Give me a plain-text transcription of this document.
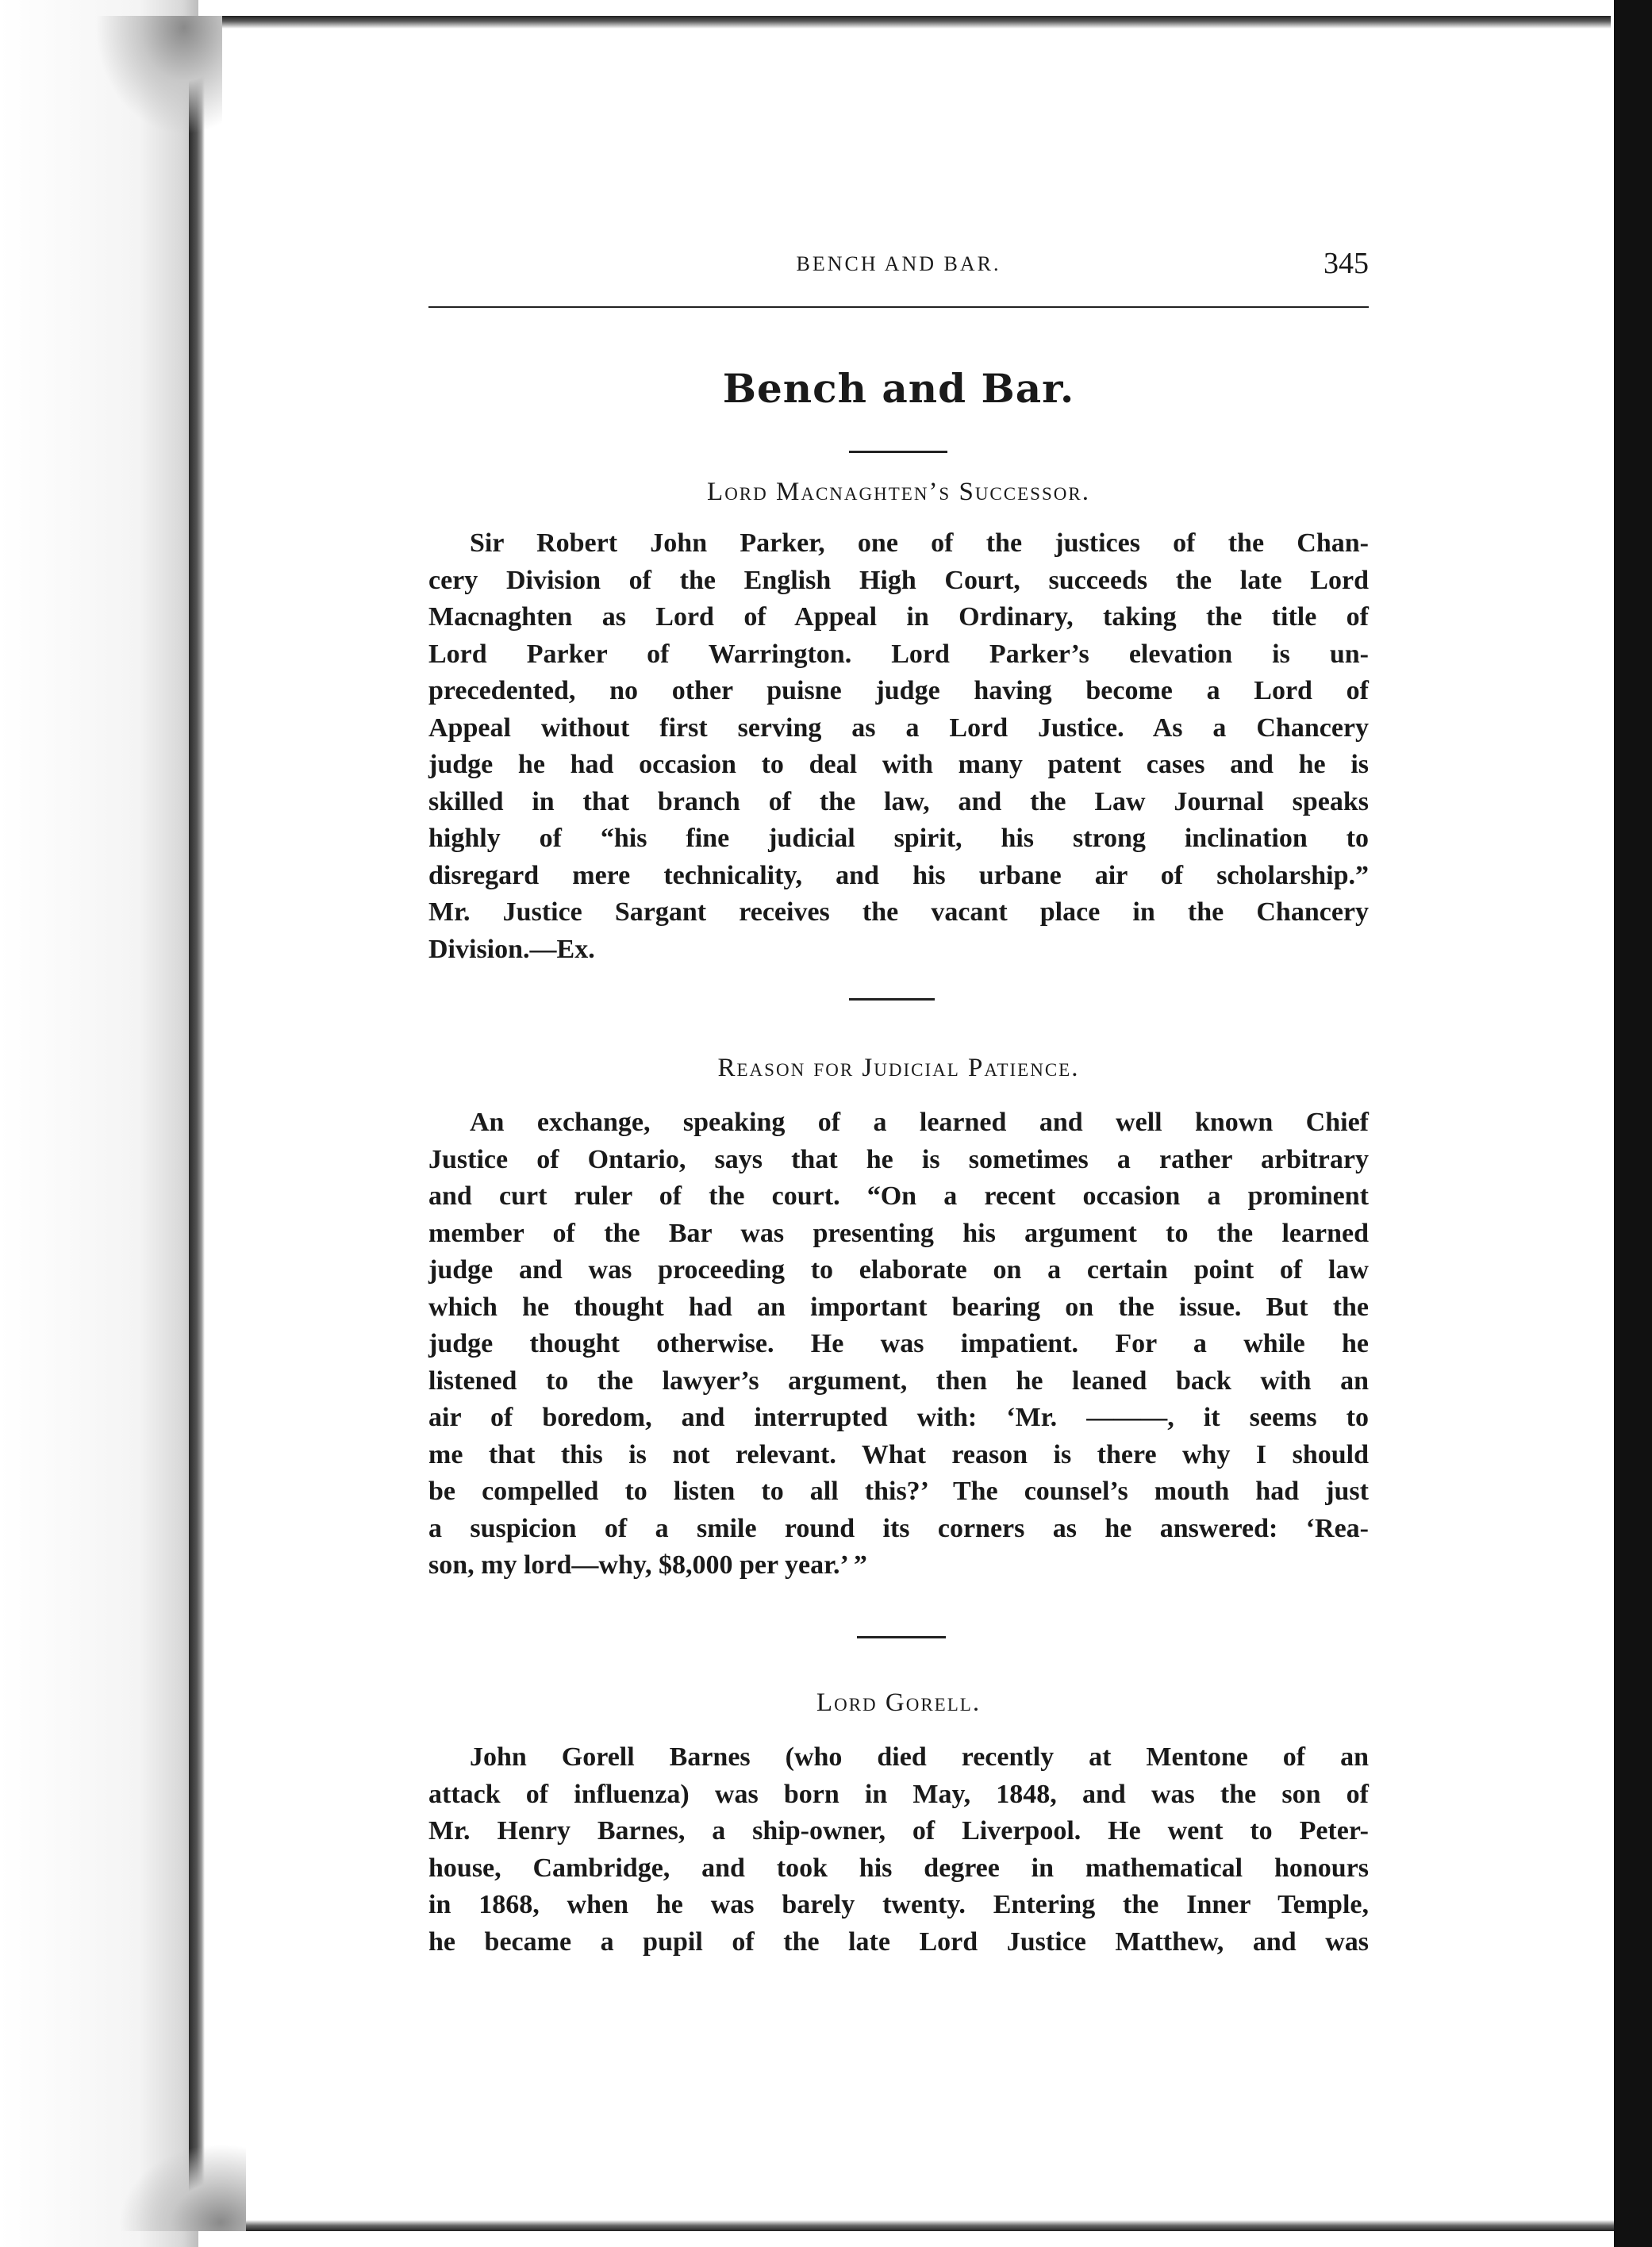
BENCH AND BAR.	345
Bench and Bar.
Lord Macnaghten’s Successor.
Sir Robert John Parker, one of the justices of the Chan-
cery Division of the English High Court, succeeds the late Lord
Macnaghten as Lord of Appeal in Ordinary, taking the title of
Lord Parker of Warrington. Lord Parker’s elevation is un-
precedented, no other puisne judge having become a Lord of
Appeal without first serving as a Lord Justice. As a Chancery
judge he had occasion to deal with many patent cases and he is
skilled in that branch of the law, and the Law Journal speaks
highly of “his fine judicial spirit, his strong inclination to
disregard mere technicality, and his urbane air of scholarship.”
Mr. Justice Sargant receives the vacant place in the Chancery
Division.—Ex.
Reason for Judicial Patience.
An exchange, speaking of a learned and well known Chief
Justice of Ontario, says that he is sometimes a rather arbitrary
and curt ruler of the court. “On a recent occasion a prominent
member of the Bar was presenting his argument to the learned
judge and was proceeding to elaborate on a certain point of law
which he thought had an important bearing on the issue. But the
judge thought otherwise. He was impatient. For a while he
listened to the lawyer’s argument, then he leaned back with an
air of boredom, and interrupted with: ‘Mr. ———, it seems to
me that this is not relevant. What reason is there why I should
be compelled to listen to all this?’ The counsel’s mouth had just
a suspicion of a smile round its corners as he answered: ‘Rea-
son, my lord—why, $8,000 per year.’ ”
Lord Gorell.
John Gorell Barnes (who died recently at Mentone of an
attack of influenza) was born in May, 1848, and was the son of
Mr. Henry Barnes, a ship-owner, of Liverpool. He went to Peter-
house, Cambridge, and took his degree in mathematical honours
in 1868, when he was barely twenty. Entering the Inner Temple,
he became a pupil of the late Lord Justice Matthew, and was
